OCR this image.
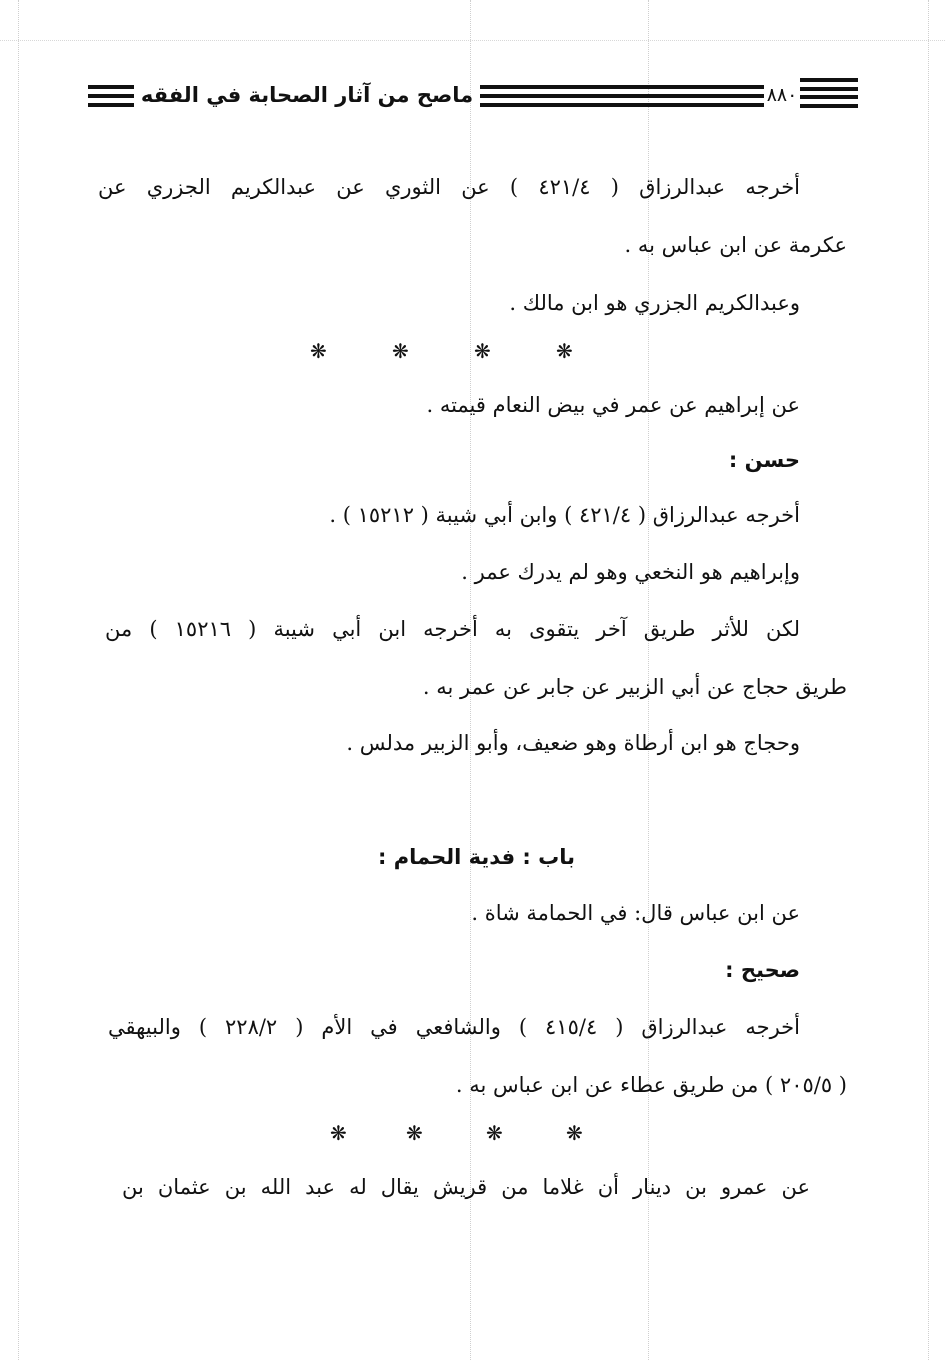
ماصح من آثار الصحابة في الفقه	٨٨٠
أخرجه عبدالرزاق ( ٤٢١/٤ ) عن الثوري عن عبدالكريم الجزري عن
عكرمة عن ابن عباس به .
وعبدالكريم الجزري هو ابن مالك .
❋	❋	❋	❋
عن إبراهيم عن عمر في بيض النعام قيمته .
حسن :
أخرجه عبدالرزاق ( ٤٢١/٤ ) وابن أبي شيبة ( ١٥٢١٢ ) .
وإبراهيم هو النخعي وهو لم يدرك عمر .
لكن للأثر طريق آخر يتقوى به أخرجه ابن أبي شيبة ( ١٥٢١٦ ) من
طريق حجاج عن أبي الزبير عن جابر عن عمر به .
وحجاج هو ابن أرطاة وهو ضعيف، وأبو الزبير مدلس .
باب : فدية الحمام :
عن ابن عباس قال: في الحمامة شاة .
صحيح :
أخرجه عبدالرزاق ( ٤١٥/٤ ) والشافعي في الأم ( ٢٢٨/٢ ) والبيهقي
( ٢٠٥/٥ ) من طريق عطاء عن ابن عباس به .
❋	❋	❋	❋
عن عمرو بن دينار أن غلاما من قريش يقال له عبد الله بن عثمان بن
